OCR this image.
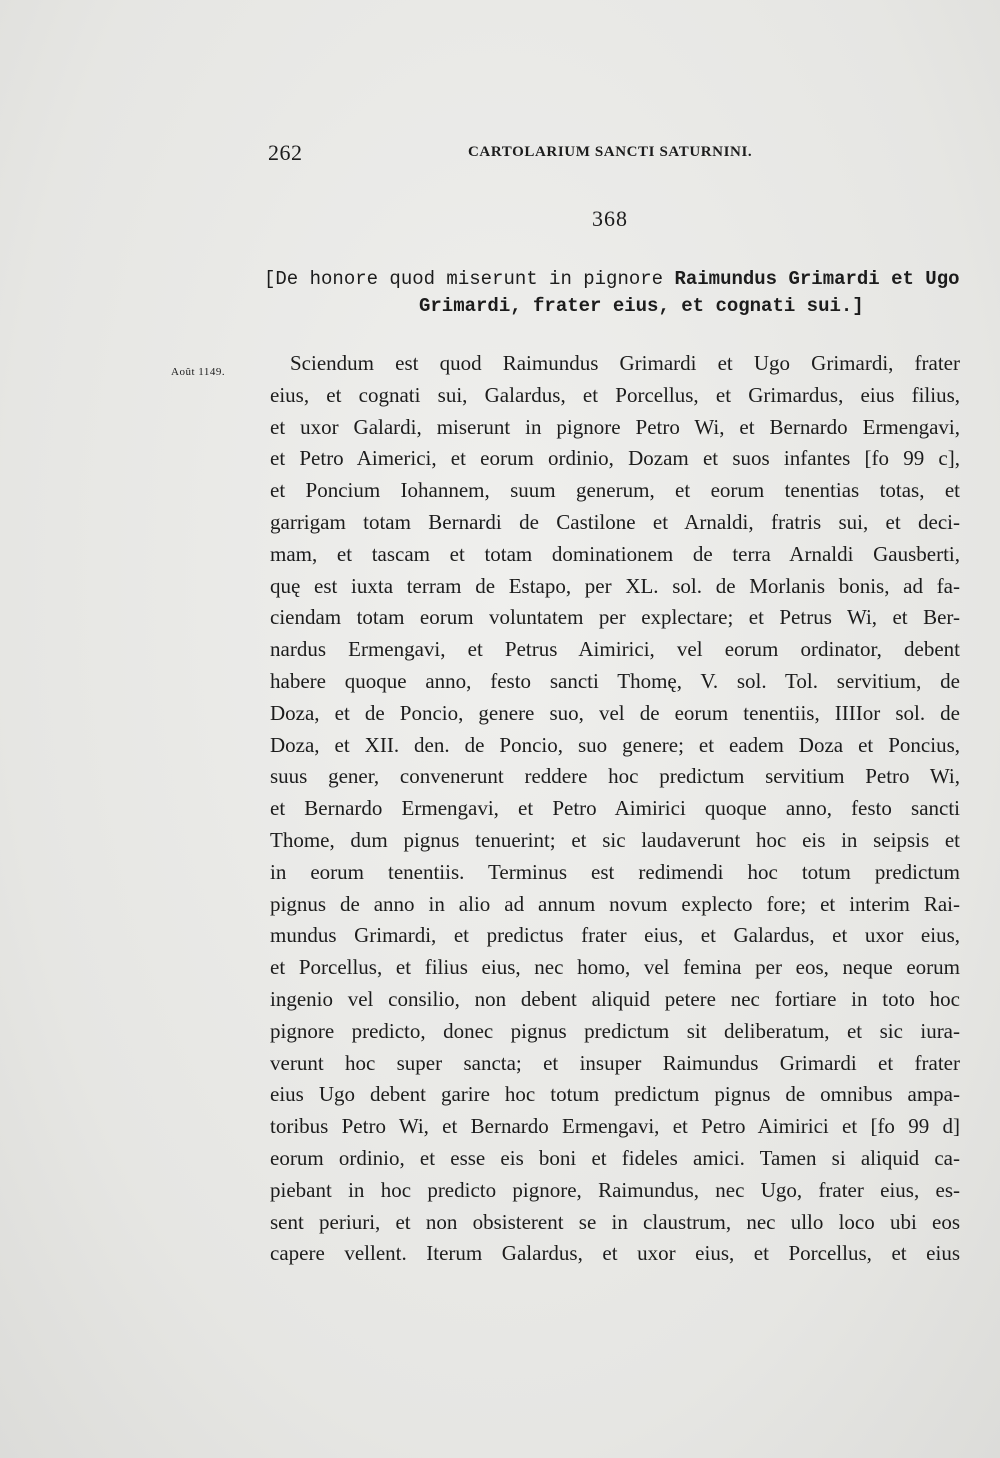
262	CARTOLARIUM SANCTI SATURNINI.
368
[De honore quod miserunt in pignore Raimundus Grimardi et Ugo
Grimardi, frater eius, et cognati sui.]
Août 1149.	Sciendum est quod Raimundus Grimardi et Ugo Grimardi, frater
eius, et cognati sui, Galardus, et Porcellus, et Grimardus, eius filius,
et uxor Galardi, miserunt in pignore Petro Wi, et Bernardo Ermengavi,
et Petro Aimerici, et eorum ordinio, Dozam et suos infantes [fo 99 c],
et Poncium Iohannem, suum generum, et eorum tenentias totas, et
garrigam totam Bernardi de Castilone et Arnaldi, fratris sui, et deci-
mam, et tascam et totam dominationem de terra Arnaldi Gausberti,
quę est iuxta terram de Estapo, per XL. sol. de Morlanis bonis, ad fa-
ciendam totam eorum voluntatem per explectare; et Petrus Wi, et Ber-
nardus Ermengavi, et Petrus Aimirici, vel eorum ordinator, debent
habere quoque anno, festo sancti Thomę, V. sol. Tol. servitium, de
Doza, et de Poncio, genere suo, vel de eorum tenentiis, IIIIor sol. de
Doza, et XII. den. de Poncio, suo genere; et eadem Doza et Poncius,
suus gener, convenerunt reddere hoc predictum servitium Petro Wi,
et Bernardo Ermengavi, et Petro Aimirici quoque anno, festo sancti
Thome, dum pignus tenuerint; et sic laudaverunt hoc eis in seipsis et
in eorum tenentiis. Terminus est redimendi hoc totum predictum
pignus de anno in alio ad annum novum explecto fore; et interim Rai-
mundus Grimardi, et predictus frater eius, et Galardus, et uxor eius,
et Porcellus, et filius eius, nec homo, vel femina per eos, neque eorum
ingenio vel consilio, non debent aliquid petere nec fortiare in toto hoc
pignore predicto, donec pignus predictum sit deliberatum, et sic iura-
verunt hoc super sancta; et insuper Raimundus Grimardi et frater
eius Ugo debent garire hoc totum predictum pignus de omnibus ampa-
toribus Petro Wi, et Bernardo Ermengavi, et Petro Aimirici et [fo 99 d]
eorum ordinio, et esse eis boni et fideles amici. Tamen si aliquid ca-
piebant in hoc predicto pignore, Raimundus, nec Ugo, frater eius, es-
sent periuri, et non obsisterent se in claustrum, nec ullo loco ubi eos
capere vellent. Iterum Galardus, et uxor eius, et Porcellus, et eius
